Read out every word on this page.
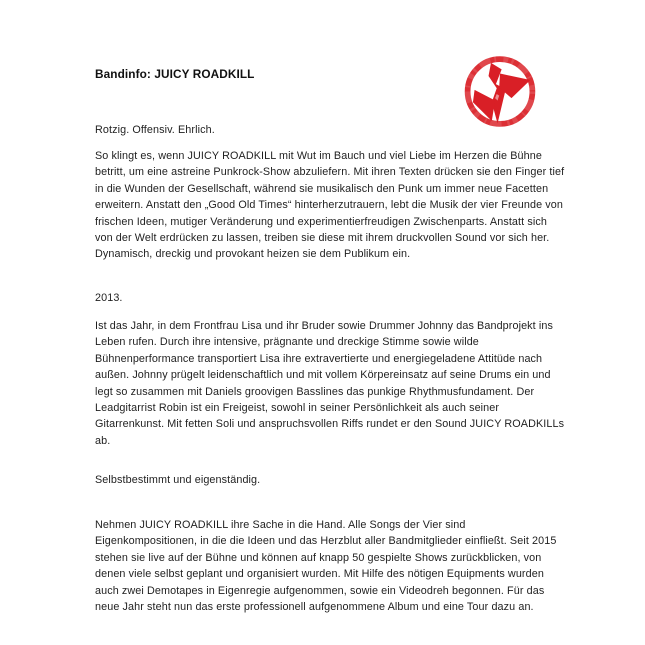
Bandinfo: JUICY ROADKILL
Rotzig. Offensiv. Ehrlich.
So klingt es, wenn JUICY ROADKILL mit Wut im Bauch und viel Liebe im Herzen die Bühne betritt, um eine astreine Punkrock-Show abzuliefern. Mit ihren Texten drücken sie den Finger tief in die Wunden der Gesellschaft, während sie musikalisch den Punk um immer neue Facetten erweitern. Anstatt den „Good Old Times“ hinterherzutrauern, lebt die Musik der vier Freunde von frischen Ideen, mutiger Veränderung und experimentierfreudigen Zwischenparts. Anstatt sich von der Welt erdrücken zu lassen, treiben sie diese mit ihrem druckvollen Sound vor sich her. Dynamisch, dreckig und provokant heizen sie dem Publikum ein.
2013.
Ist das Jahr, in dem Frontfrau Lisa und ihr Bruder sowie Drummer Johnny das Bandprojekt ins Leben rufen. Durch ihre intensive, prägnante und dreckige Stimme sowie wilde Bühnenperformance transportiert Lisa ihre extravertierte und energiegeladene Attitüde nach außen. Johnny prügelt leidenschaftlich und mit vollem Körpereinsatz auf seine Drums ein und legt so zusammen mit Daniels groovigen Basslines das punkige Rhythmusfundament. Der Leadgitarrist Robin ist ein Freigeist, sowohl in seiner Persönlichkeit als auch seiner Gitarrenkunst. Mit fetten Soli und anspruchsvollen Riffs rundet er den Sound JUICY ROADKILLs ab.
Selbstbestimmt und eigenständig.
Nehmen JUICY ROADKILL ihre Sache in die Hand. Alle Songs der Vier sind Eigenkompositionen, in die die Ideen und das Herzblut aller Bandmitglieder einfließt. Seit 2015 stehen sie live auf der Bühne und können auf knapp 50 gespielte Shows zurückblicken, von denen viele selbst geplant und organisiert wurden. Mit Hilfe des nötigen Equipments wurden auch zwei Demotapes in Eigenregie aufgenommen, sowie ein Videodreh begonnen. Für das neue Jahr steht nun das erste professionell aufgenommene Album und eine Tour dazu an.
